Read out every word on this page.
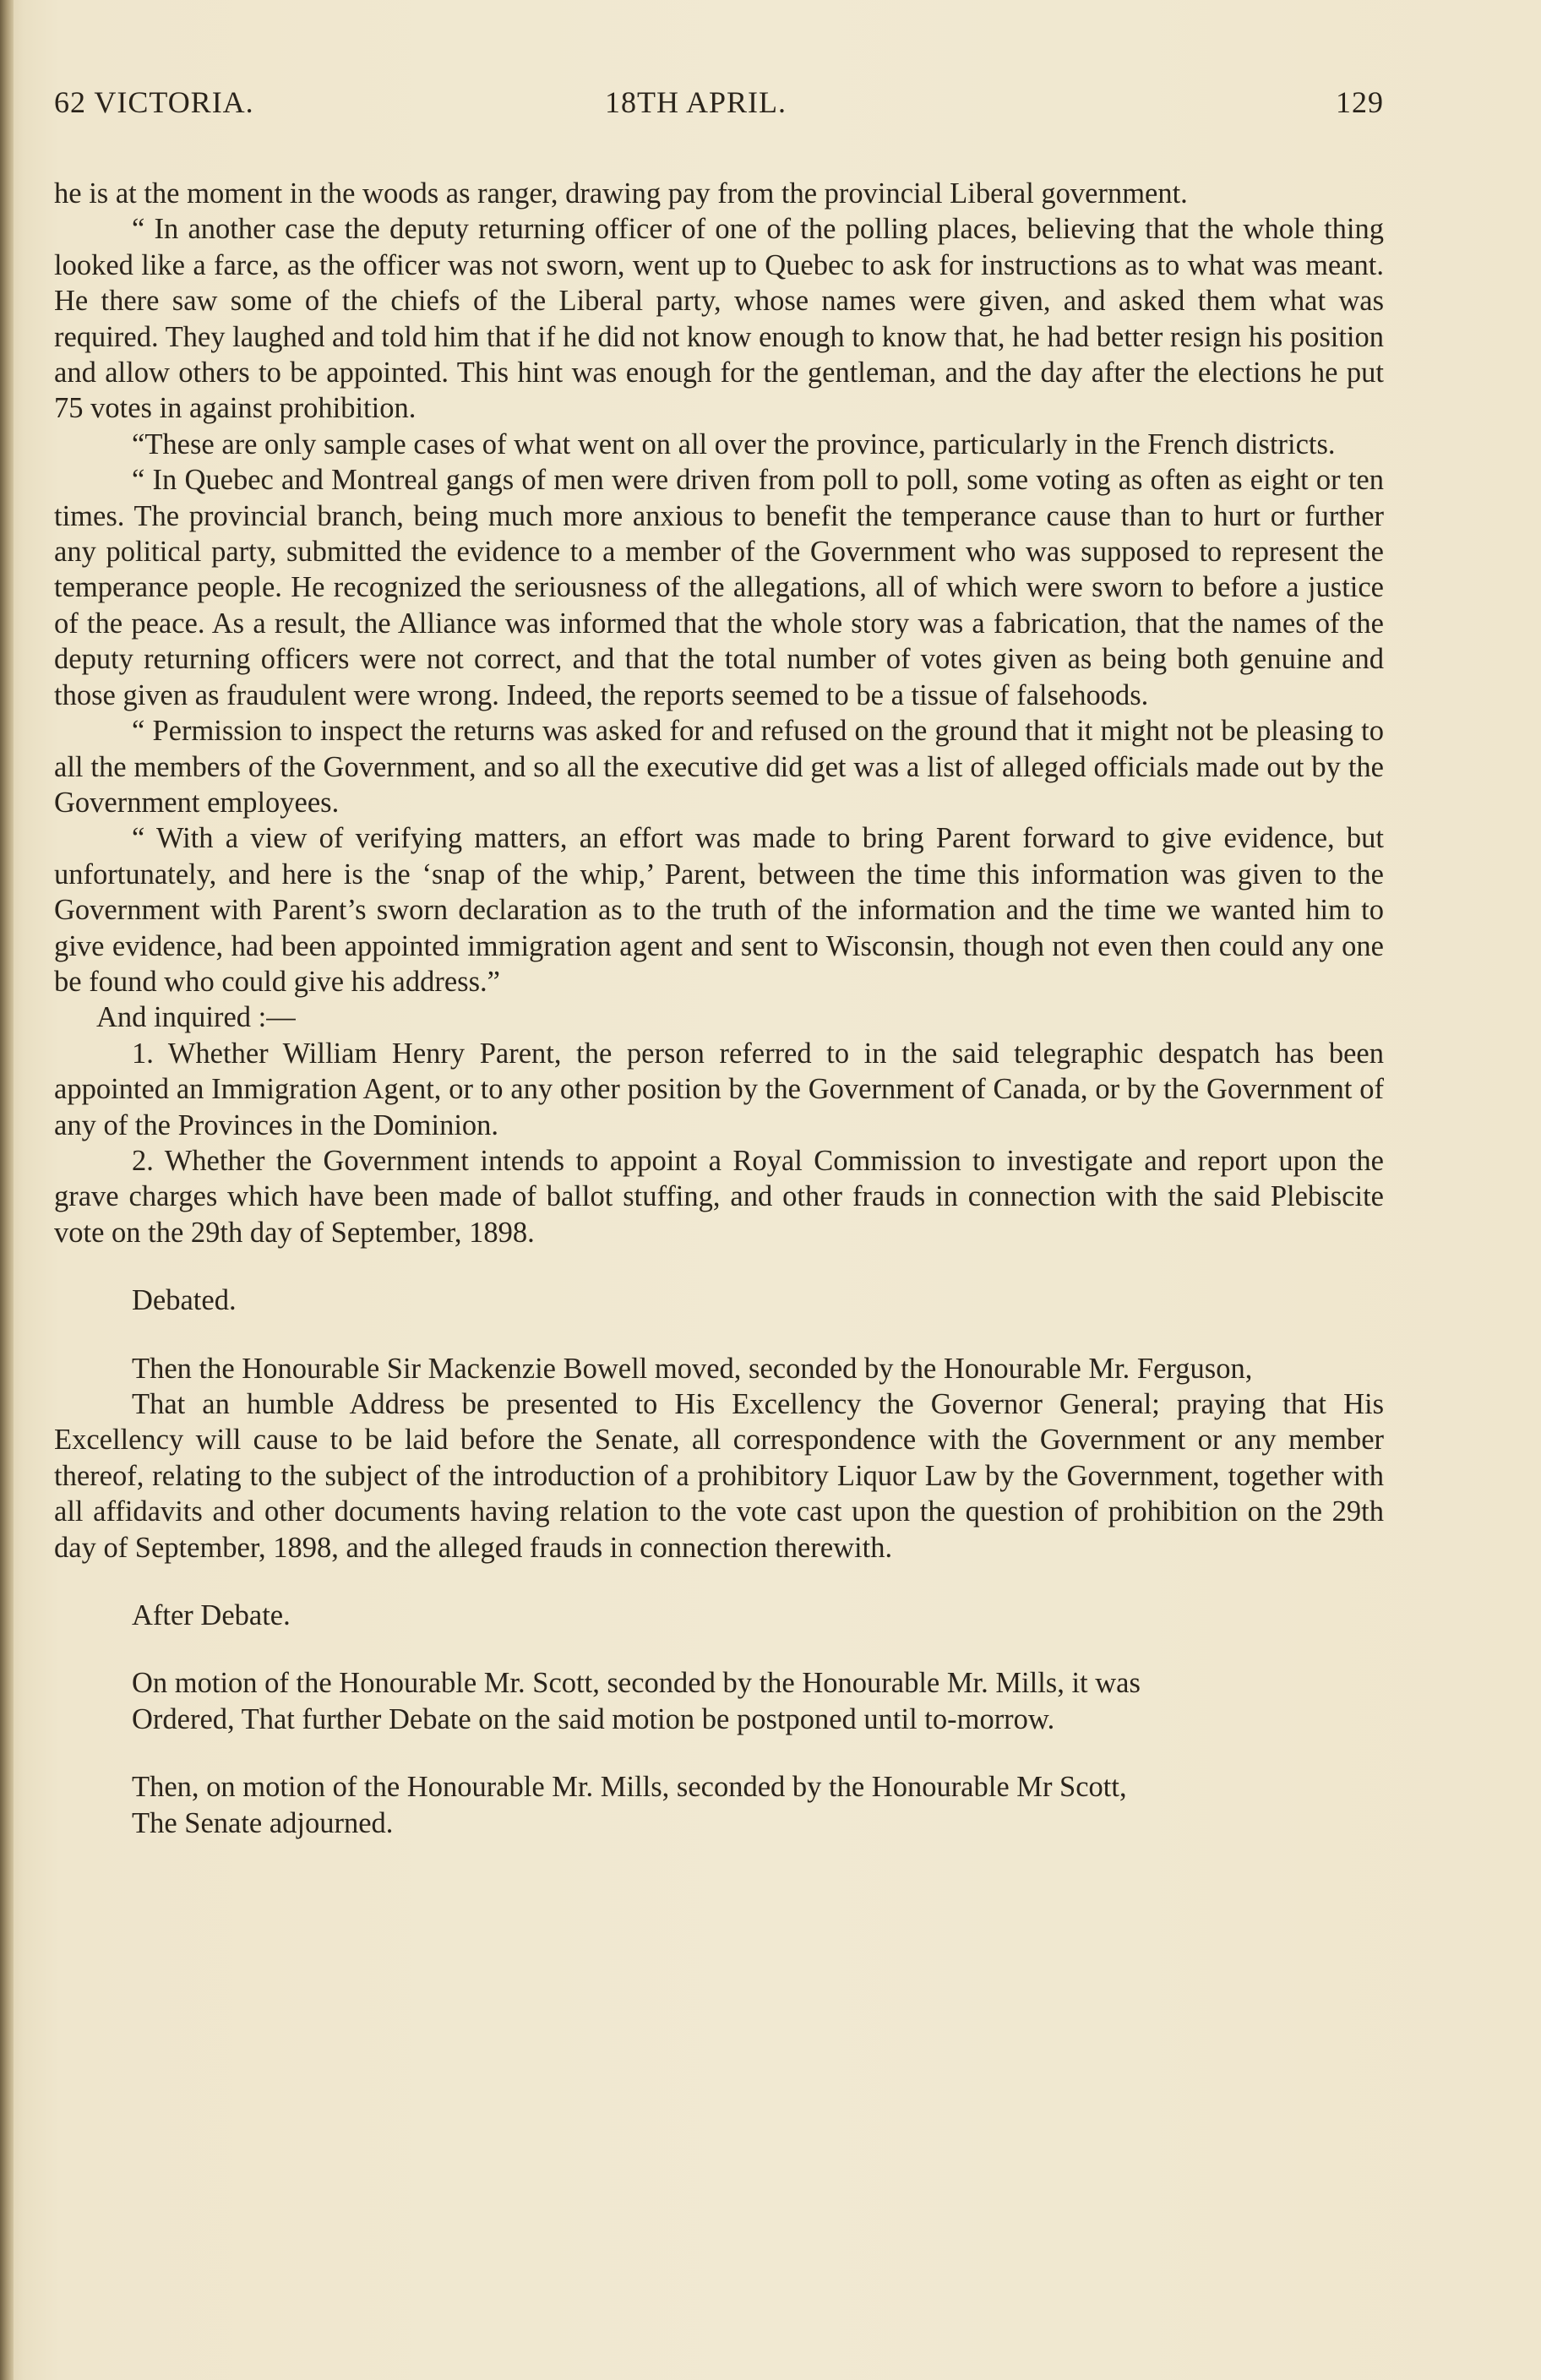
62 VICTORIA.	18TH APRIL.	129

he is at the moment in the woods as ranger, drawing pay from the provincial Liberal government.

“ In another case the deputy returning officer of one of the polling places, believing that the whole thing looked like a farce, as the officer was not sworn, went up to Quebec to ask for instructions as to what was meant. He there saw some of the chiefs of the Liberal party, whose names were given, and asked them what was required. They laughed and told him that if he did not know enough to know that, he had better resign his position and allow others to be appointed. This hint was enough for the gentleman, and the day after the elections he put 75 votes in against prohibition.

“These are only sample cases of what went on all over the province, particularly in the French districts.

“ In Quebec and Montreal gangs of men were driven from poll to poll, some voting as often as eight or ten times. The provincial branch, being much more anxious to benefit the temperance cause than to hurt or further any political party, submitted the evidence to a member of the Government who was supposed to represent the temperance people. He recognized the seriousness of the allegations, all of which were sworn to before a justice of the peace. As a result, the Alliance was informed that the whole story was a fabrication, that the names of the deputy returning officers were not correct, and that the total number of votes given as being both genuine and those given as fraudulent were wrong. Indeed, the reports seemed to be a tissue of falsehoods.

“ Permission to inspect the returns was asked for and refused on the ground that it might not be pleasing to all the members of the Government, and so all the executive did get was a list of alleged officials made out by the Government employees.

“ With a view of verifying matters, an effort was made to bring Parent forward to give evidence, but unfortunately, and here is the ‘snap of the whip,’ Parent, between the time this information was given to the Government with Parent’s sworn declaration as to the truth of the information and the time we wanted him to give evidence, had been appointed immigration agent and sent to Wisconsin, though not even then could any one be found who could give his address.”

And inquired :—

1. Whether William Henry Parent, the person referred to in the said telegraphic despatch has been appointed an Immigration Agent, or to any other position by the Government of Canada, or by the Government of any of the Provinces in the Dominion.

2. Whether the Government intends to appoint a Royal Commission to investigate and report upon the grave charges which have been made of ballot stuffing, and other frauds in connection with the said Plebiscite vote on the 29th day of September, 1898.

Debated.

Then the Honourable Sir Mackenzie Bowell moved, seconded by the Honourable Mr. Ferguson,

That an humble Address be presented to His Excellency the Governor General; praying that His Excellency will cause to be laid before the Senate, all correspondence with the Government or any member thereof, relating to the subject of the introduction of a prohibitory Liquor Law by the Government, together with all affidavits and other documents having relation to the vote cast upon the question of prohibition on the 29th day of September, 1898, and the alleged frauds in connection therewith.

After Debate.

On motion of the Honourable Mr. Scott, seconded by the Honourable Mr. Mills, it was

Ordered, That further Debate on the said motion be postponed until to-morrow.

Then, on motion of the Honourable Mr. Mills, seconded by the Honourable Mr Scott,

The Senate adjourned.
